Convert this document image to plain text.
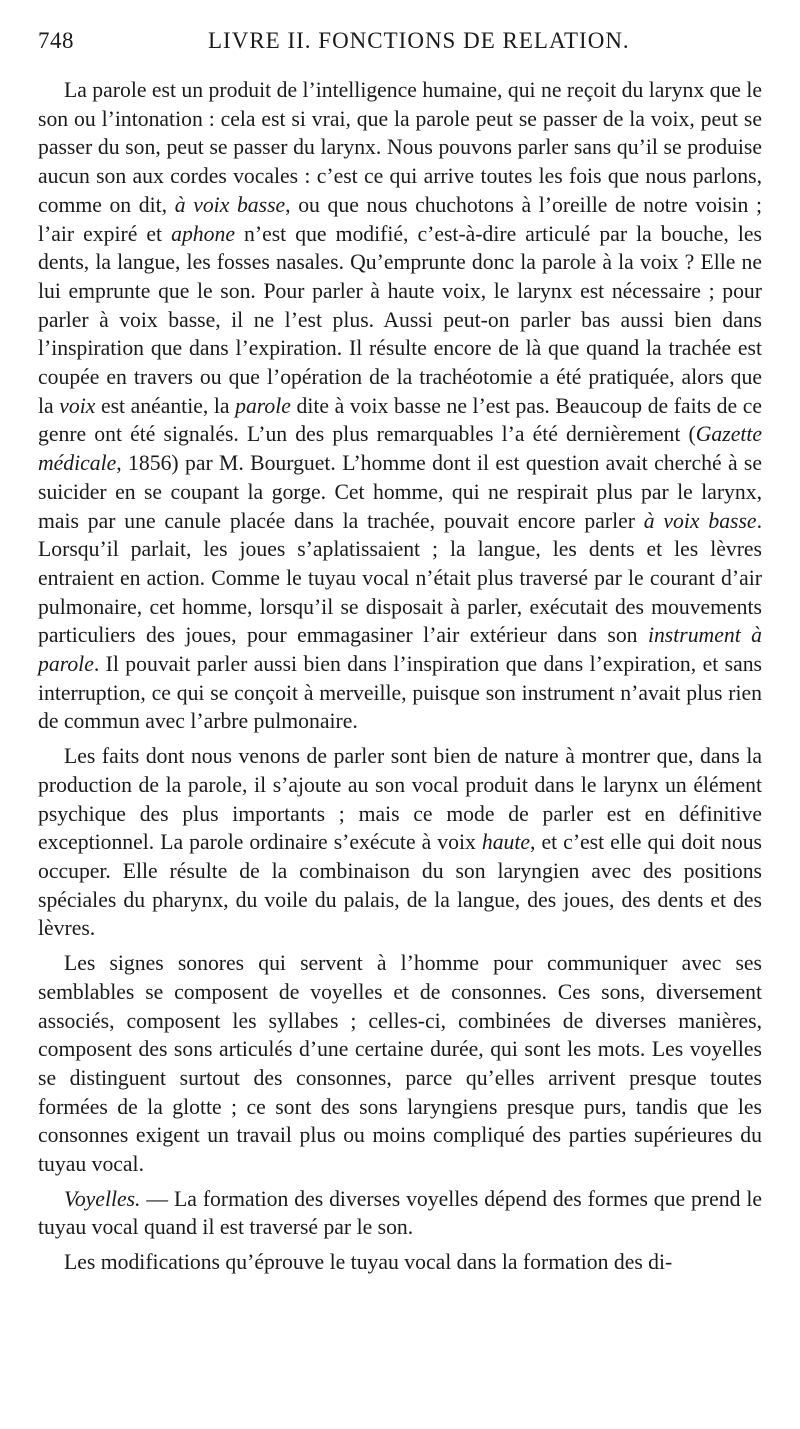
748	LIVRE II. FONCTIONS DE RELATION.

La parole est un produit de l’intelligence humaine, qui ne reçoit du larynx que le son ou l’intonation : cela est si vrai, que la parole peut se passer de la voix, peut se passer du son, peut se passer du larynx. Nous pouvons parler sans qu’il se produise aucun son aux cordes vocales : c’est ce qui arrive toutes les fois que nous parlons, comme on dit, à voix basse, ou que nous chuchotons à l’oreille de notre voisin ; l’air expiré et aphone n’est que modifié, c’est-à-dire articulé par la bouche, les dents, la langue, les fosses nasales. Qu’emprunte donc la parole à la voix ? Elle ne lui emprunte que le son. Pour parler à haute voix, le larynx est nécessaire ; pour parler à voix basse, il ne l’est plus. Aussi peut-on parler bas aussi bien dans l’inspiration que dans l’expiration. Il résulte encore de là que quand la trachée est coupée en travers ou que l’opération de la trachéotomie a été pratiquée, alors que la voix est anéantie, la parole dite à voix basse ne l’est pas. Beaucoup de faits de ce genre ont été signalés. L’un des plus remarquables l’a été dernièrement (Gazette médicale, 1856) par M. Bourguet. L’homme dont il est question avait cherché à se suicider en se coupant la gorge. Cet homme, qui ne respirait plus par le larynx, mais par une canule placée dans la trachée, pouvait encore parler à voix basse. Lorsqu’il parlait, les joues s’aplatissaient ; la langue, les dents et les lèvres entraient en action. Comme le tuyau vocal n’était plus traversé par le courant d’air pulmonaire, cet homme, lorsqu’il se disposait à parler, exécutait des mouvements particuliers des joues, pour emmagasiner l’air extérieur dans son instrument à parole. Il pouvait parler aussi bien dans l’inspiration que dans l’expiration, et sans interruption, ce qui se conçoit à merveille, puisque son instrument n’avait plus rien de commun avec l’arbre pulmonaire.

Les faits dont nous venons de parler sont bien de nature à montrer que, dans la production de la parole, il s’ajoute au son vocal produit dans le larynx un élément psychique des plus importants ; mais ce mode de parler est en définitive exceptionnel. La parole ordinaire s’exécute à voix haute, et c’est elle qui doit nous occuper. Elle résulte de la combinaison du son laryngien avec des positions spéciales du pharynx, du voile du palais, de la langue, des joues, des dents et des lèvres.

Les signes sonores qui servent à l’homme pour communiquer avec ses semblables se composent de voyelles et de consonnes. Ces sons, diversement associés, composent les syllabes ; celles-ci, combinées de diverses manières, composent des sons articulés d’une certaine durée, qui sont les mots. Les voyelles se distinguent surtout des consonnes, parce qu’elles arrivent presque toutes formées de la glotte ; ce sont des sons laryngiens presque purs, tandis que les consonnes exigent un travail plus ou moins compliqué des parties supérieures du tuyau vocal.

Voyelles. — La formation des diverses voyelles dépend des formes que prend le tuyau vocal quand il est traversé par le son.

Les modifications qu’éprouve le tuyau vocal dans la formation des di-
